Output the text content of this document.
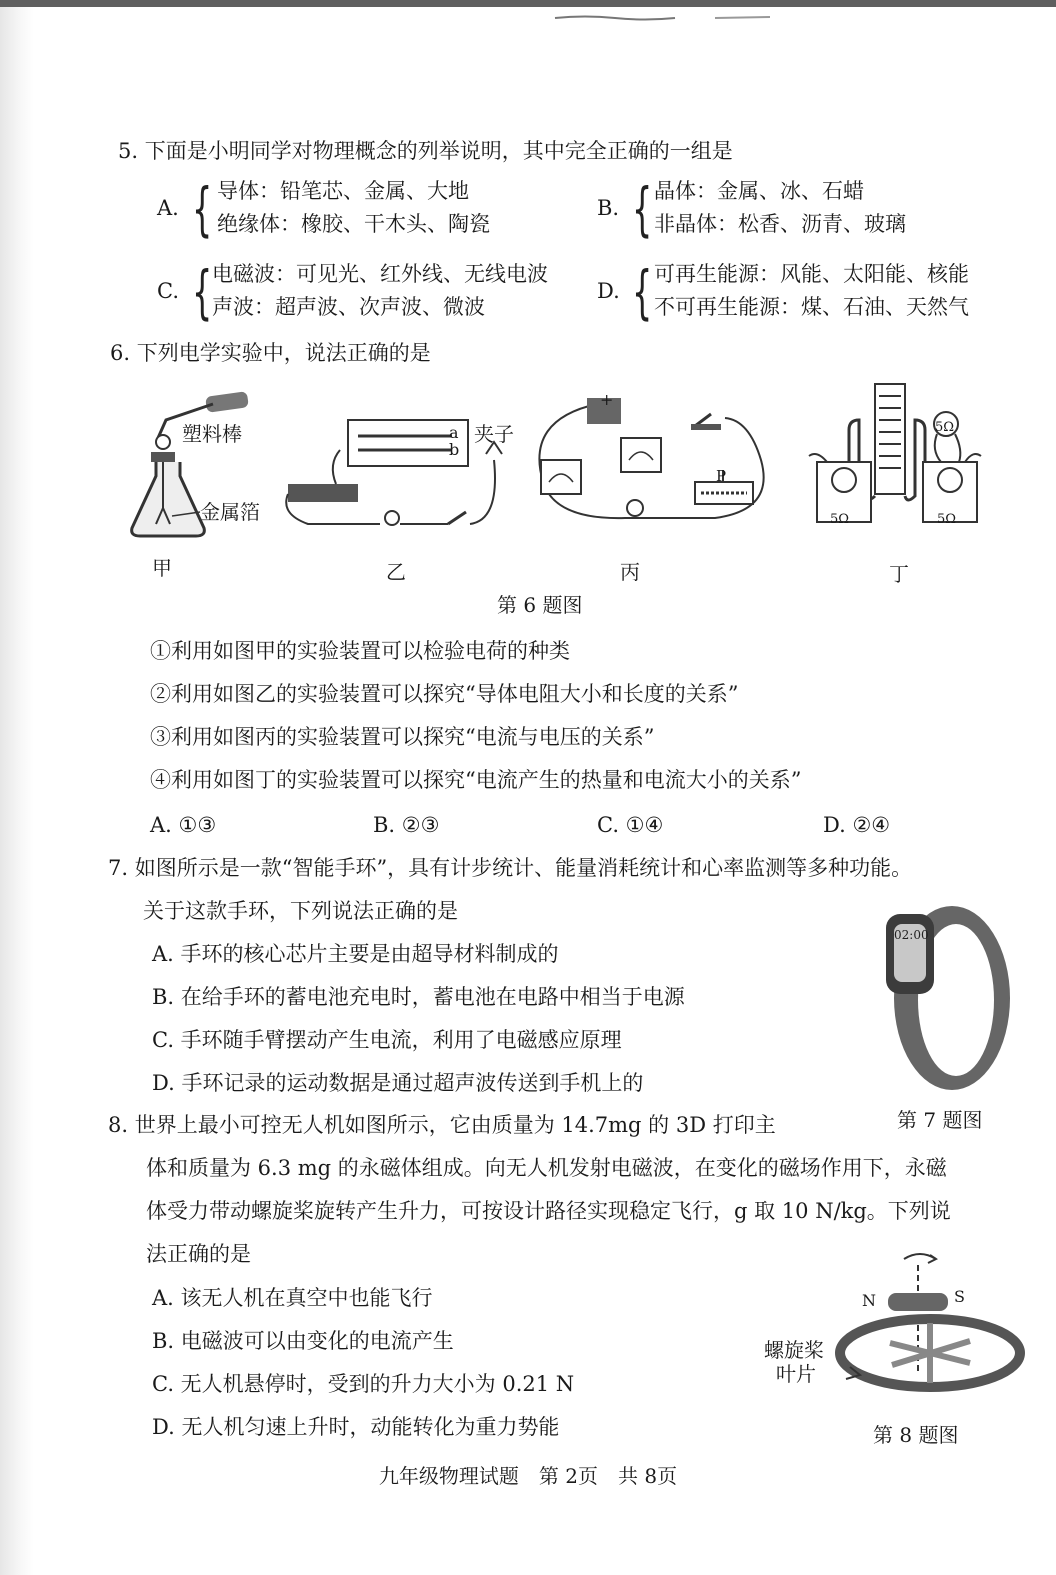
5. 下面是小明同学对物理概念的列举说明，其中完全正确的一组是
A. { 导体：铅笔芯、金属、大地
绝缘体：橡胶、干木头、陶瓷
B. { 晶体：金属、冰、石蜡
非晶体：松香、沥青、玻璃
C. { 电磁波：可见光、红外线、无线电波
声波：超声波、次声波、微波
D. { 可再生能源：风能、太阳能、核能
不可再生能源：煤、石油、天然气
6. 下列电学实验中，说法正确的是
塑料棒
金属箔
a
b
夹子
+
P
5Ω
5Ω	5Ω
甲	乙	丙	丁
第 6 题图
①利用如图甲的实验装置可以检验电荷的种类
②利用如图乙的实验装置可以探究“导体电阻大小和长度的关系”
③利用如图丙的实验装置可以探究“电流与电压的关系”
④利用如图丁的实验装置可以探究“电流产生的热量和电流大小的关系”
A. ①③	B. ②③	C. ①④	D. ②④
7. 如图所示是一款“智能手环”，具有计步统计、能量消耗统计和心率监测等多种功能。
关于这款手环，下列说法正确的是
A. 手环的核心芯片主要是由超导材料制成的
B. 在给手环的蓄电池充电时，蓄电池在电路中相当于电源
C. 手环随手臂摆动产生电流，利用了电磁感应原理
D. 手环记录的运动数据是通过超声波传送到手机上的
02:00
第 7 题图
8. 世界上最小可控无人机如图所示，它由质量为 14.7mg 的 3D 打印主
体和质量为 6.3 mg 的永磁体组成。向无人机发射电磁波，在变化的磁场作用下，永磁
体受力带动螺旋桨旋转产生升力，可按设计路径实现稳定飞行，g 取 10 N/kg。下列说
法正确的是
A. 该无人机在真空中也能飞行
B. 电磁波可以由变化的电流产生
C. 无人机悬停时，受到的升力大小为 0.21 N
D. 无人机匀速上升时，动能转化为重力势能
N	S
螺旋桨
叶片
第 8 题图
九年级物理试题　第 2页　共 8页
